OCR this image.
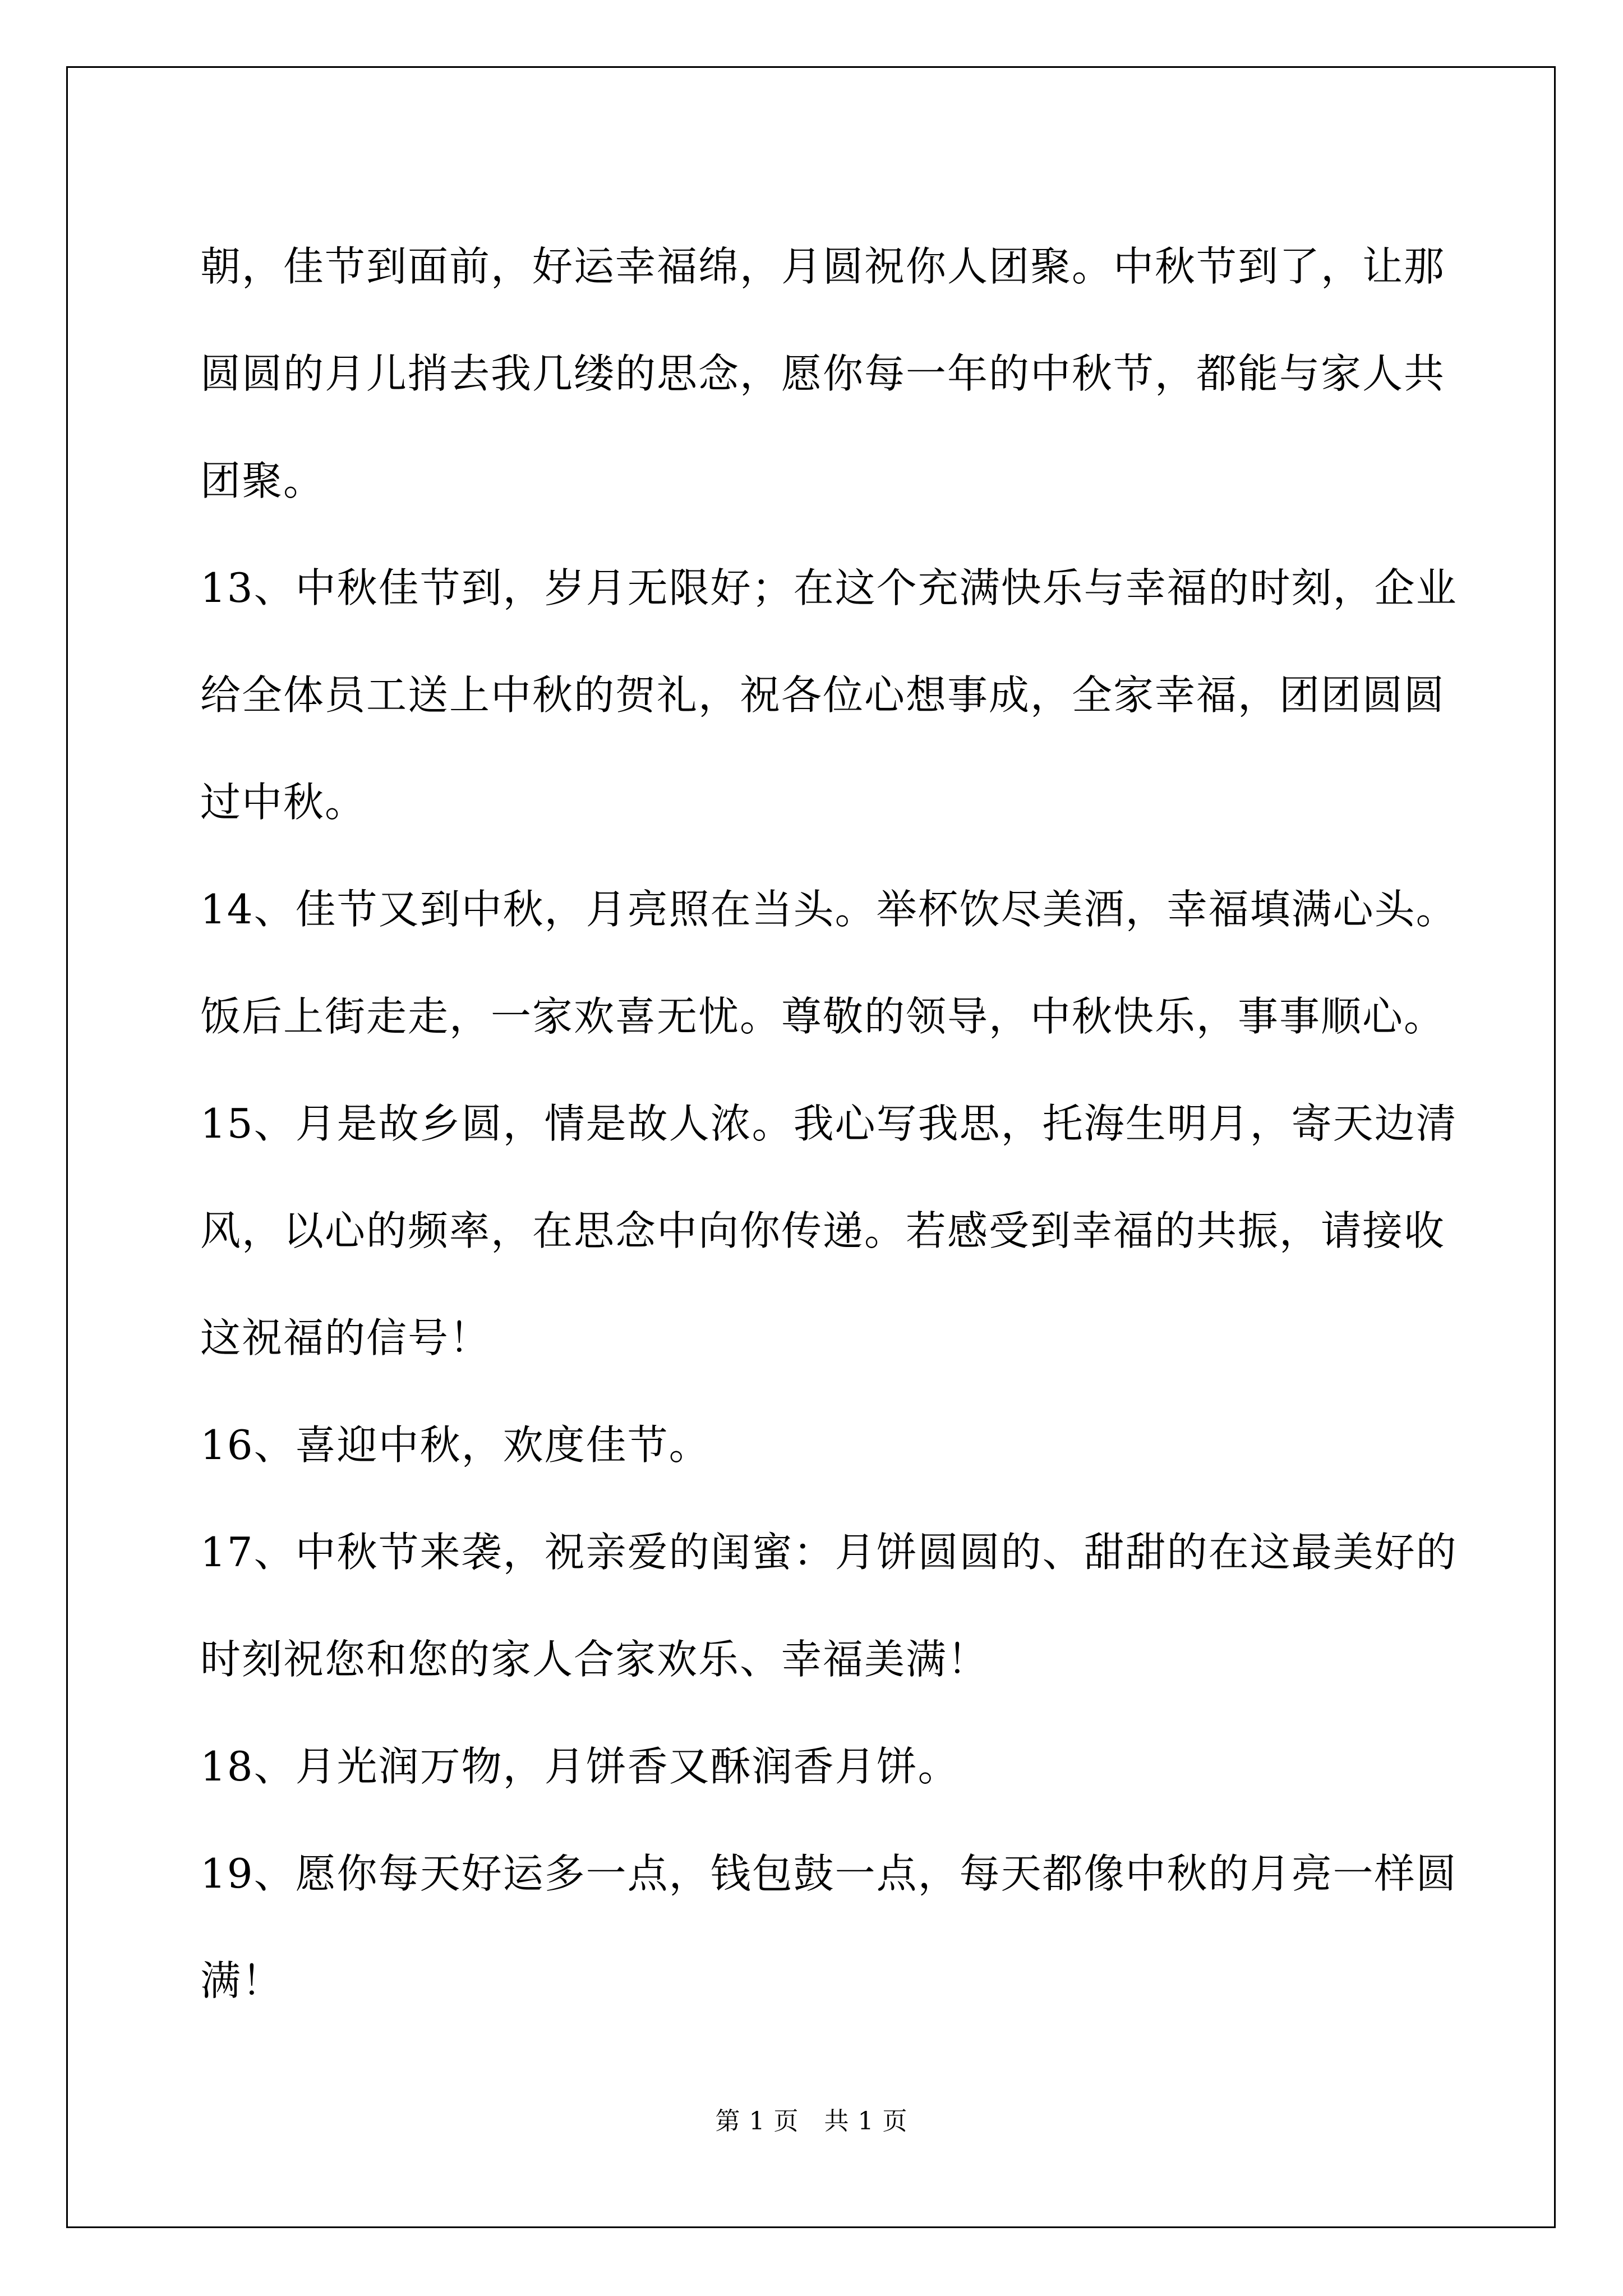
朝，佳节到面前，好运幸福绵，月圆祝你人团聚。中秋节到了，让那
圆圆的月儿捎去我几缕的思念，愿你每一年的中秋节，都能与家人共
团聚。

13、中秋佳节到，岁月无限好；在这个充满快乐与幸福的时刻，企业
给全体员工送上中秋的贺礼，祝各位心想事成，全家幸福，团团圆圆
过中秋。

14、佳节又到中秋，月亮照在当头。举杯饮尽美酒，幸福填满心头。
饭后上街走走，一家欢喜无忧。尊敬的领导，中秋快乐，事事顺心。

15、月是故乡圆，情是故人浓。我心写我思，托海生明月，寄天边清
风，以心的频率，在思念中向你传递。若感受到幸福的共振，请接收
这祝福的信号！

16、喜迎中秋，欢度佳节。

17、中秋节来袭，祝亲爱的闺蜜：月饼圆圆的、甜甜的在这最美好的
时刻祝您和您的家人合家欢乐、幸福美满！

18、月光润万物，月饼香又酥润香月饼。

19、愿你每天好运多一点，钱包鼓一点，每天都像中秋的月亮一样圆
满！

第 1 页　共 1 页
